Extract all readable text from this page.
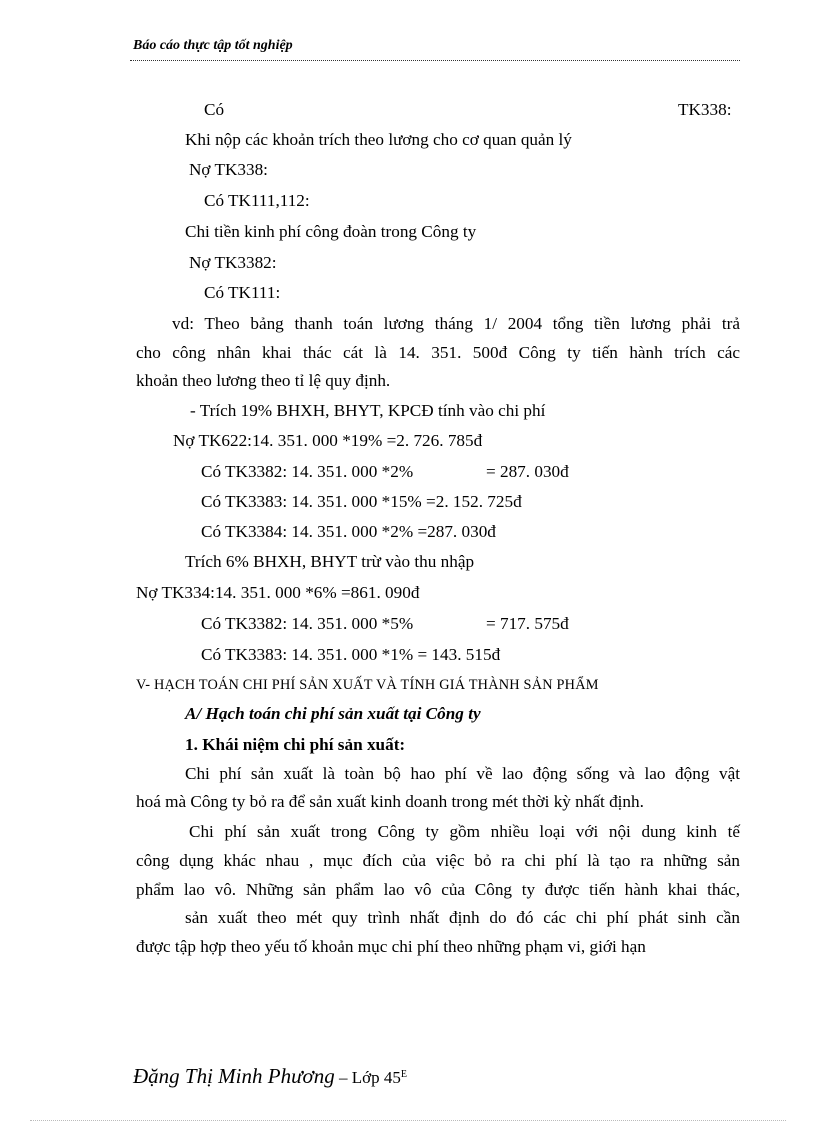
Báo cáo thực tập tốt nghiệp
Có	TK338:
Khi nộp các khoản trích theo lương cho cơ quan quản lý
Nợ TK338:
Có TK111,112:
Chi tiền kinh phí công đoàn trong Công ty
Nợ TK3382:
Có TK111:
vd: Theo bảng thanh toán lương tháng 1/ 2004 tổng tiền lương phải trả
cho công nhân khai thác cát là 14. 351. 500đ Công ty tiến hành trích các
khoản theo lương theo tỉ lệ quy định.
- Trích 19% BHXH, BHYT, KPCĐ tính vào chi phí
Nợ TK622:14. 351. 000 *19% =2. 726. 785đ
Có TK3382: 14. 351. 000 *2%	= 287. 030đ
Có TK3383: 14. 351. 000 *15% =2. 152. 725đ
Có TK3384: 14. 351. 000 *2% =287. 030đ
Trích 6% BHXH, BHYT trừ vào thu nhập
Nợ TK334:14. 351. 000 *6% =861. 090đ
Có TK3382: 14. 351. 000 *5%	= 717. 575đ
Có TK3383: 14. 351. 000 *1% = 143. 515đ
V- HẠCH TOÁN CHI PHÍ SẢN XUẤT VÀ TÍNH GIÁ THÀNH SẢN PHẨM
A/ Hạch toán chi phí sản xuất tại Công ty
1. Khái niệm chi phí sản xuất:
Chi phí sản xuất là toàn bộ hao phí về lao động sống và lao động vật
hoá mà Công ty bỏ ra để sản xuất kinh doanh trong mét thời kỳ nhất định.
Chi phí sản xuất trong Công ty gồm nhiều loại với nội dung kinh tế
công dụng khác nhau , mục đích của việc bỏ ra chi phí là tạo ra những sản
phẩm lao vô. Những sản phẩm lao vô của Công ty được tiến hành khai thác,
sản xuất theo mét quy trình nhất định do đó các chi phí phát sinh cần
được tập hợp theo yếu tố khoản mục chi phí theo những phạm vi, giới hạn
Đặng Thị Minh Phương – Lớp $45^E$
